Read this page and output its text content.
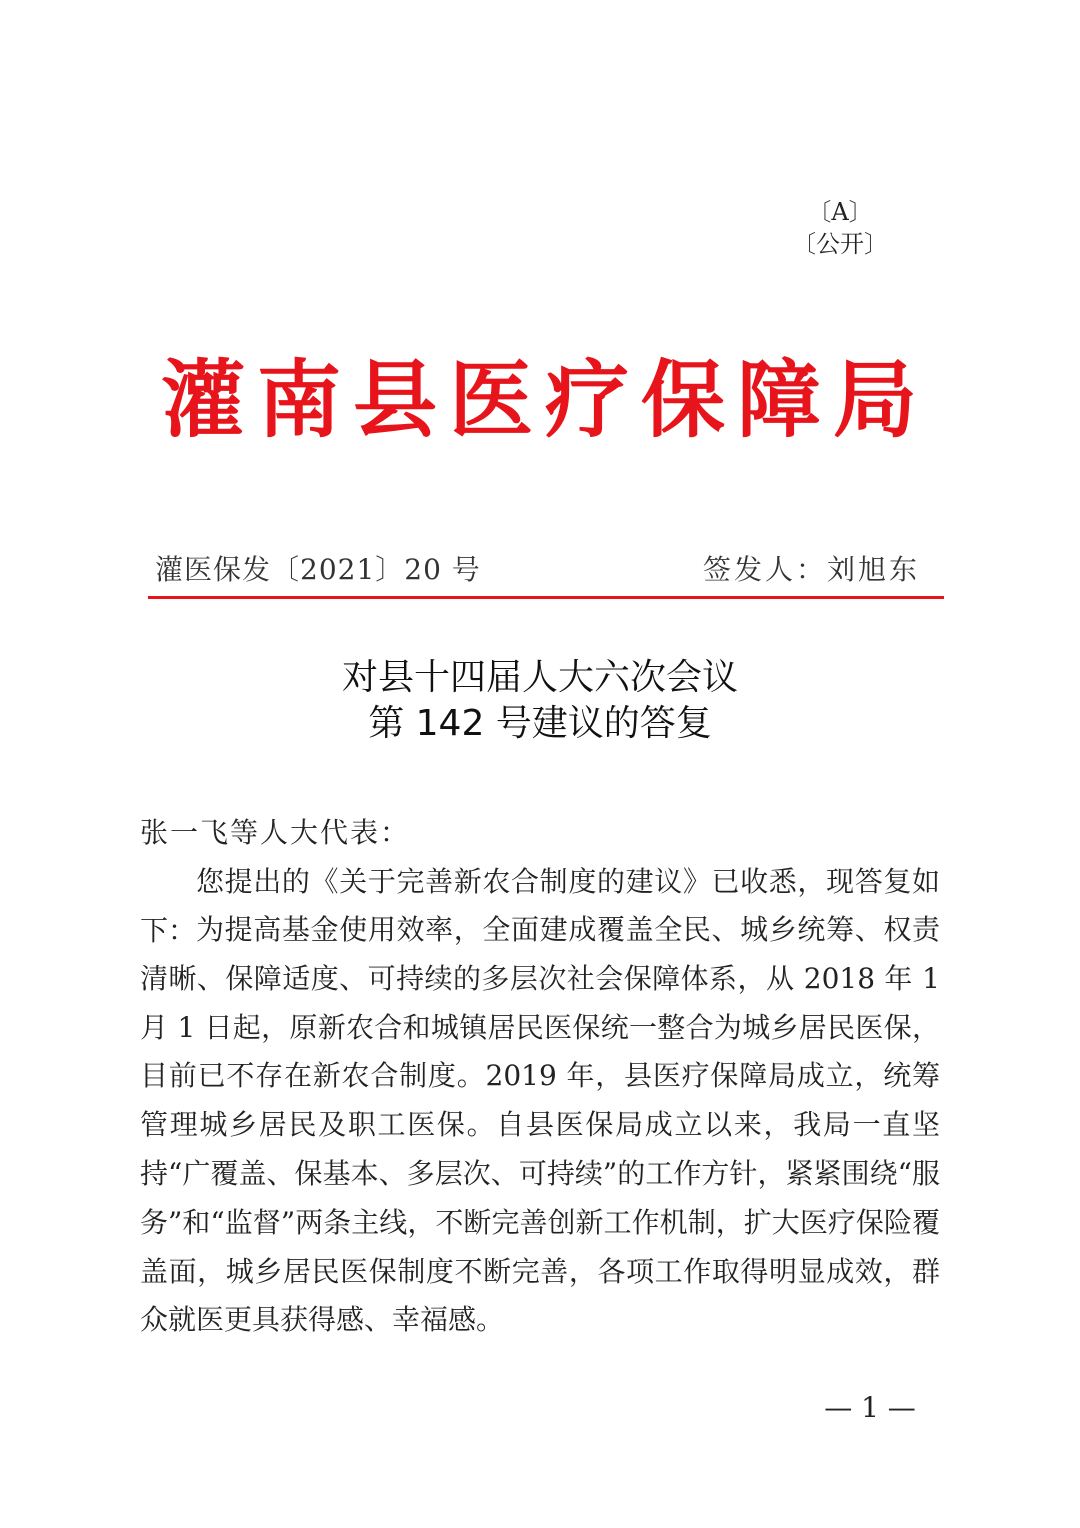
〔A〕
〔公开〕
灌南县医疗保障局
灌医保发〔2021〕20 号	签发人：刘旭东
对县十四届人大六次会议
第 142 号建议的答复
张一飞等人大代表：
您提出的《关于完善新农合制度的建议》已收悉，现答复如下： 为提高基金使用效率，全面建成覆盖全民、城乡统筹、权责清晰、保障适度、可持续的多层次社会保障体系，从 2018 年 1 月 1 日起，原新农合和城镇居民医保统一整合为城乡居民医保，目前已不存在新农合制度。2019 年，县医疗保障局成立，统筹管理城乡居民及职工医保。自县医保局成立以来，我局一直坚持“广覆盖、保基本、多层次、可持续”的工作方针，紧紧围绕“服务”和“监督”两条主线，不断完善创新工作机制，扩大医疗保险覆盖面，城乡居民医保制度不断完善，各项工作取得明显成效，群众就医更具获得感、幸福感。
— 1 —
